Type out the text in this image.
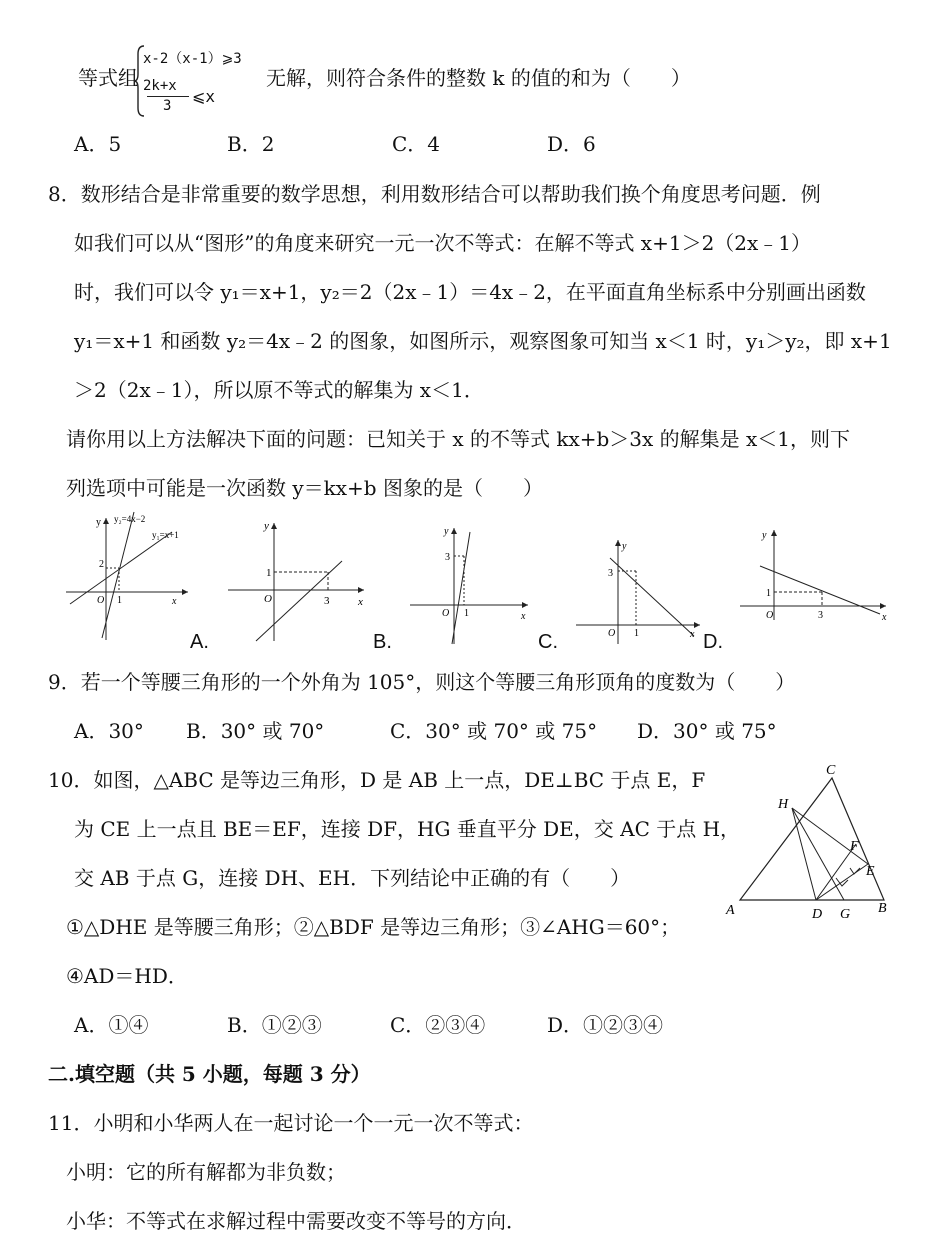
等式组
x-2（x-1）⩾3
2k+x
3 ⩽x
无解，则符合条件的整数 k 的值的和为（　　）
A．5	B．2	C．4	D．6
8．数形结合是非常重要的数学思想，利用数形结合可以帮助我们换个角度思考问题．例
如我们可以从“图形”的角度来研究一元一次不等式：在解不等式 x+1＞2（2x﹣1）
时，我们可以令 y₁＝x+1，y₂＝2（2x﹣1）＝4x﹣2，在平面直角坐标系中分别画出函数
y₁＝x+1 和函数 y₂＝4x﹣2 的图象，如图所示，观察图象可知当 x＜1 时，y₁＞y₂，即 x+1
＞2（2x﹣1），所以原不等式的解集为 x＜1．
请你用以上方法解决下面的问题：已知关于 x 的不等式 kx+b＞3x 的解集是 x＜1，则下
列选项中可能是一次函数 y＝kx+b 图象的是（　　）
y y₂=4x−2
y₁=x+1
2
O 1	x
A.
y
1
O	3	x
B.
y
3
O 1	x
C.
y
3
O 1	x D.
y
1
O	3	x
9．若一个等腰三角形的一个外角为 105°，则这个等腰三角形顶角的度数为（　　）
A．30° B．30° 或 70°	C．30° 或 70° 或 75° D．30° 或 75°
10．如图，△ABC 是等边三角形，D 是 AB 上一点，DE⊥BC 于点 E，F
为 CE 上一点且 BE＝EF，连接 DF，HG 垂直平分 DE，交 AC 于点 H，
交 AB 于点 G，连接 DH、EH．下列结论中正确的有（　　）
①△DHE 是等腰三角形；②△BDF 是等边三角形；③∠AHG＝60°；
④AD＝HD．
C
H
F
E
A	D G B
A．①④	B．①②③	C．②③④	D．①②③④
二.填空题（共 5 小题，每题 3 分）
11．小明和小华两人在一起讨论一个一元一次不等式：
小明：它的所有解都为非负数；
小华：不等式在求解过程中需要改变不等号的方向．
